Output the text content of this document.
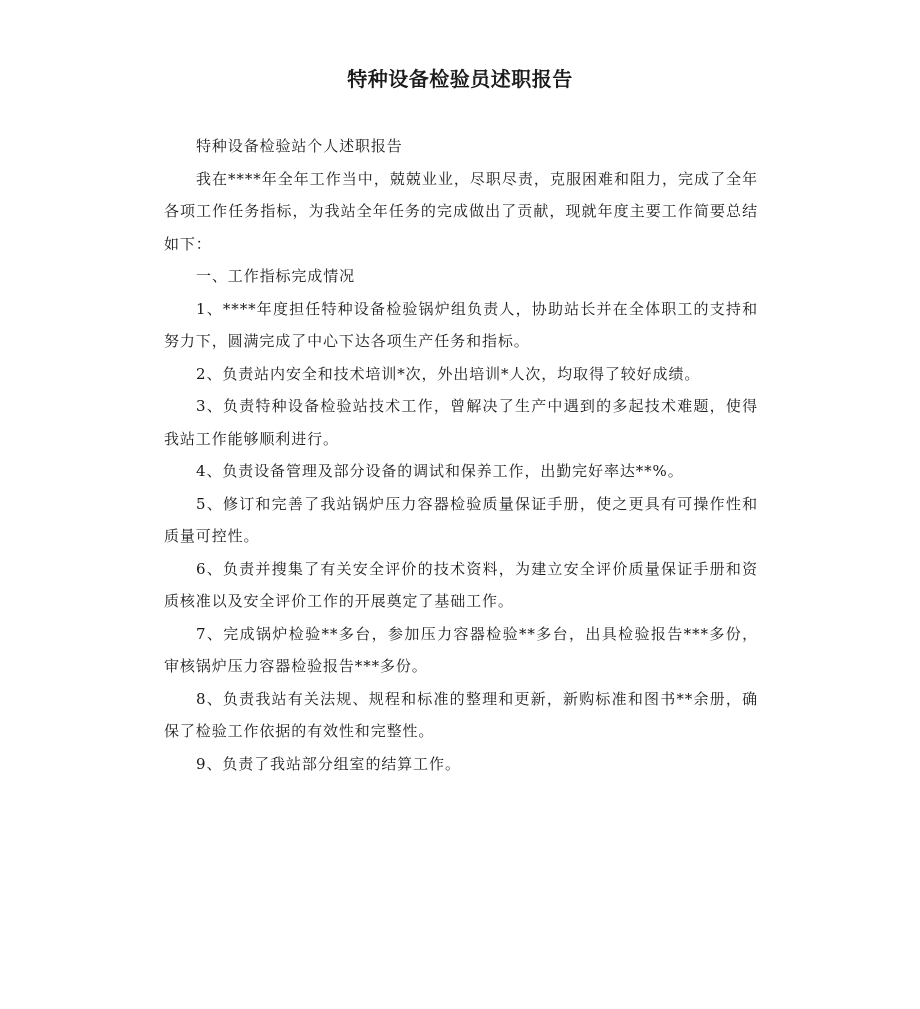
特种设备检验员述职报告

特种设备检验站个人述职报告

我在****年全年工作当中，兢兢业业，尽职尽责，克服困难和阻力，完成了全年各项工作任务指标，为我站全年任务的完成做出了贡献，现就年度主要工作简要总结如下：

一、工作指标完成情况

1、****年度担任特种设备检验锅炉组负责人，协助站长并在全体职工的支持和努力下，圆满完成了中心下达各项生产任务和指标。

2、负责站内安全和技术培训*次，外出培训*人次，均取得了较好成绩。

3、负责特种设备检验站技术工作，曾解决了生产中遇到的多起技术难题，使得我站工作能够顺利进行。

4、负责设备管理及部分设备的调试和保养工作，出勤完好率达**%。

5、修订和完善了我站锅炉压力容器检验质量保证手册，使之更具有可操作性和质量可控性。

6、负责并搜集了有关安全评价的技术资料，为建立安全评价质量保证手册和资质核准以及安全评价工作的开展奠定了基础工作。

7、完成锅炉检验**多台，参加压力容器检验**多台，出具检验报告***多份，审核锅炉压力容器检验报告***多份。

8、负责我站有关法规、规程和标准的整理和更新，新购标准和图书**余册，确保了检验工作依据的有效性和完整性。

9、负责了我站部分组室的结算工作。
